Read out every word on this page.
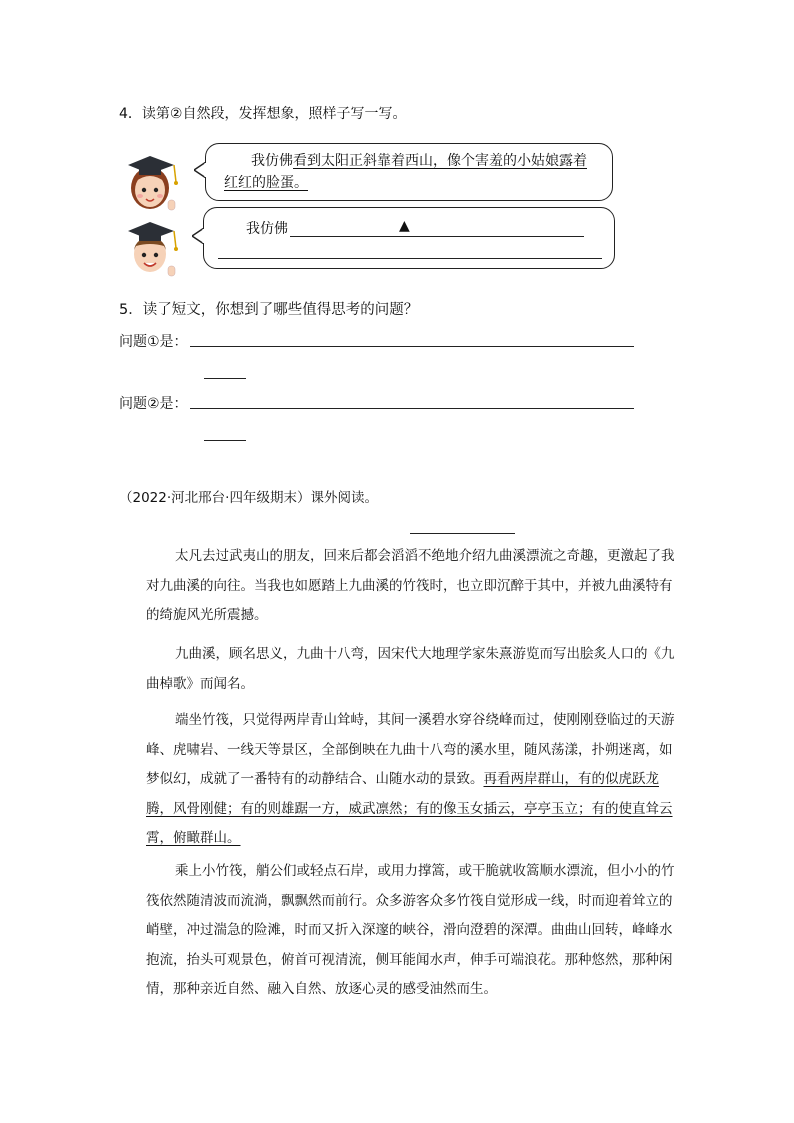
4．读第②自然段，发挥想象，照样子写一写。
我仿佛看到太阳正斜靠着西山，像个害羞的小姑娘露着
红红的脸蛋。
我仿佛	▲
5．读了短文，你想到了哪些值得思考的问题？
问题①是：
问题②是：
（2022·河北邢台·四年级期末）课外阅读。

太凡去过武夷山的朋友，回来后都会滔滔不绝地介绍九曲溪漂流之奇趣，更激起了我对九曲溪的向往。当我也如愿踏上九曲溪的竹筏时，也立即沉醉于其中，并被九曲溪特有的绮旎风光所震撼。

九曲溪，顾名思义，九曲十八弯，因宋代大地理学家朱熹游览而写出脍炙人口的《九曲棹歌》而闻名。

端坐竹筏，只觉得两岸青山耸峙，其间一溪碧水穿谷绕峰而过，使刚刚登临过的天游峰、虎啸岩、一线天等景区，全部倒映在九曲十八弯的溪水里，随风荡漾，扑朔迷离，如梦似幻，成就了一番特有的动静结合、山随水动的景致。再看两岸群山，有的似虎跃龙腾，风骨刚健；有的则雄踞一方，威武凛然；有的像玉女插云，亭亭玉立；有的使直耸云霄，俯瞰群山。

乘上小竹筏，艄公们或轻点石岸，或用力撑篙，或干脆就收篙顺水漂流，但小小的竹筏依然随清波而流淌，飘飘然而前行。众多游客众多竹筏自觉形成一线，时而迎着耸立的峭壁，冲过湍急的险滩，时而又折入深邃的峡谷，滑向澄碧的深潭。曲曲山回转，峰峰水抱流，抬头可观景色，俯首可视清流，侧耳能闻水声，伸手可端浪花。那种悠然，那种闲情，那种亲近自然、融入自然、放逐心灵的感受油然而生。
